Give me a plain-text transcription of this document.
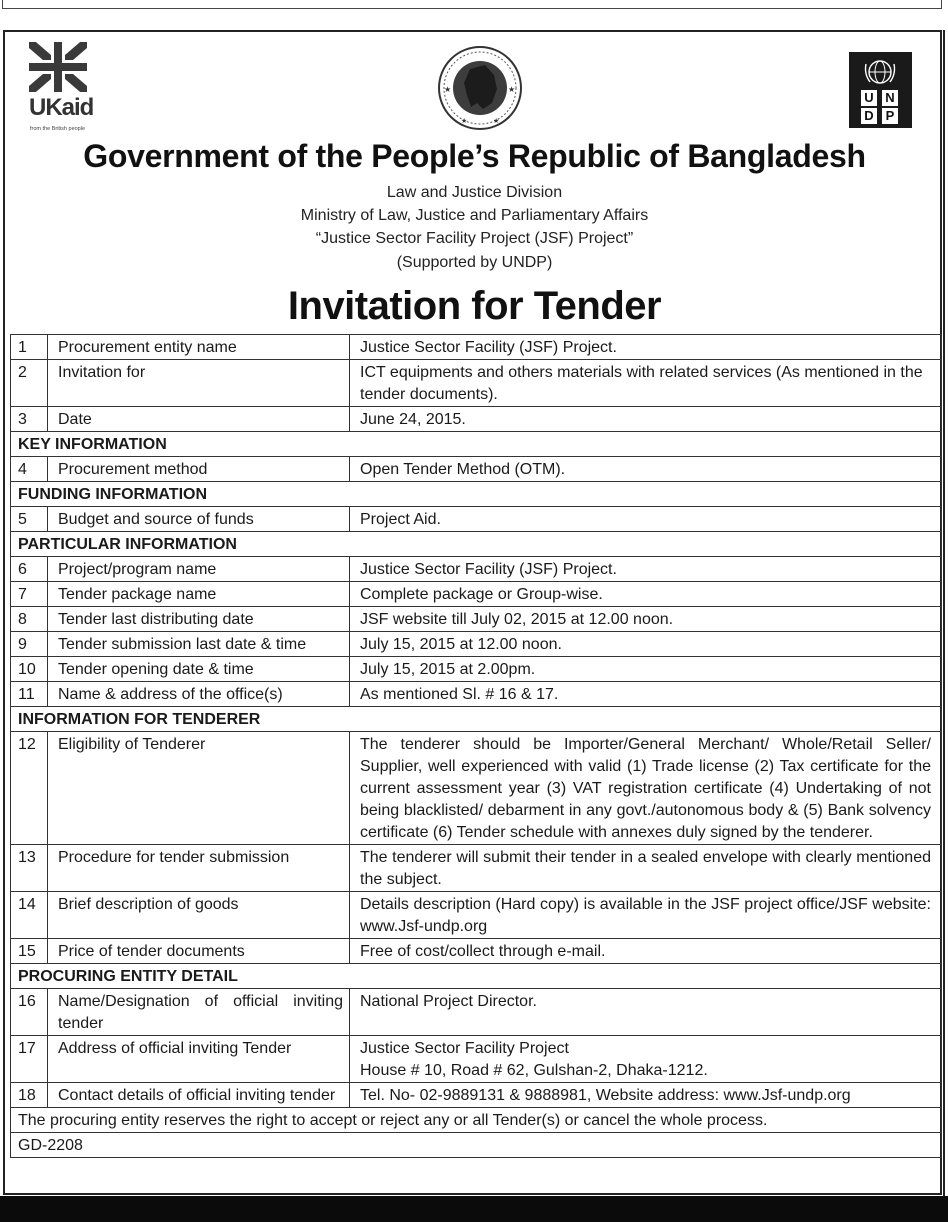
UKaid
from the British people
★	★
★	★
U N
D P
Government of the People’s Republic of Bangladesh
Law and Justice Division
Ministry of Law, Justice and Parliamentary Affairs
“Justice Sector Facility Project (JSF) Project”
(Supported by UNDP)
Invitation for Tender
1	Procurement entity name	Justice Sector Facility (JSF) Project.
2	Invitation for	ICT equipments and others materials with related services (As mentioned in the tender documents).
3	Date	June 24, 2015.
KEY INFORMATION		
4	Procurement method	Open Tender Method (OTM).
FUNDING INFORMATION		
5	Budget and source of funds	Project Aid.
PARTICULAR INFORMATION		
6	Project/program name	Justice Sector Facility (JSF) Project.
7	Tender package name	Complete package or Group-wise.
8	Tender last distributing date	JSF website till July 02, 2015 at 12.00 noon.
9	Tender submission last date & time	July 15, 2015 at 12.00 noon.
10	Tender opening date & time	July 15, 2015 at 2.00pm.
11	Name & address of the office(s)	As mentioned Sl. # 16 & 17.
INFORMATION FOR TENDERER		
12	Eligibility of Tenderer	The tenderer should be Importer/General Merchant/ Whole/Retail Seller/ Supplier, well experienced with valid (1) Trade license (2) Tax certificate for the current assessment year (3) VAT registration certificate (4) Undertaking of not being blacklisted/ debarment in any govt./autonomous body & (5) Bank solvency certificate (6) Tender schedule with annexes duly signed by the tenderer.
13	Procedure for tender submission	The tenderer will submit their tender in a sealed envelope with clearly mentioned the subject.
14	Brief description of goods	Details description (Hard copy) is available in the JSF project office/JSF website: www.Jsf-undp.org
15	Price of tender documents	Free of cost/collect through e-mail.
PROCURING ENTITY DETAIL		
16	Name/Designation of official inviting tender	National Project Director.
17	Address of official inviting Tender	Justice Sector Facility Project
House # 10, Road # 62, Gulshan-2, Dhaka-1212.
18	Contact details of official inviting tender	Tel. No- 02-9889131 & 9888981, Website address: www.Jsf-undp.org
The procuring entity reserves the right to accept or reject any or all Tender(s) or cancel the whole process.		
GD-2208		
